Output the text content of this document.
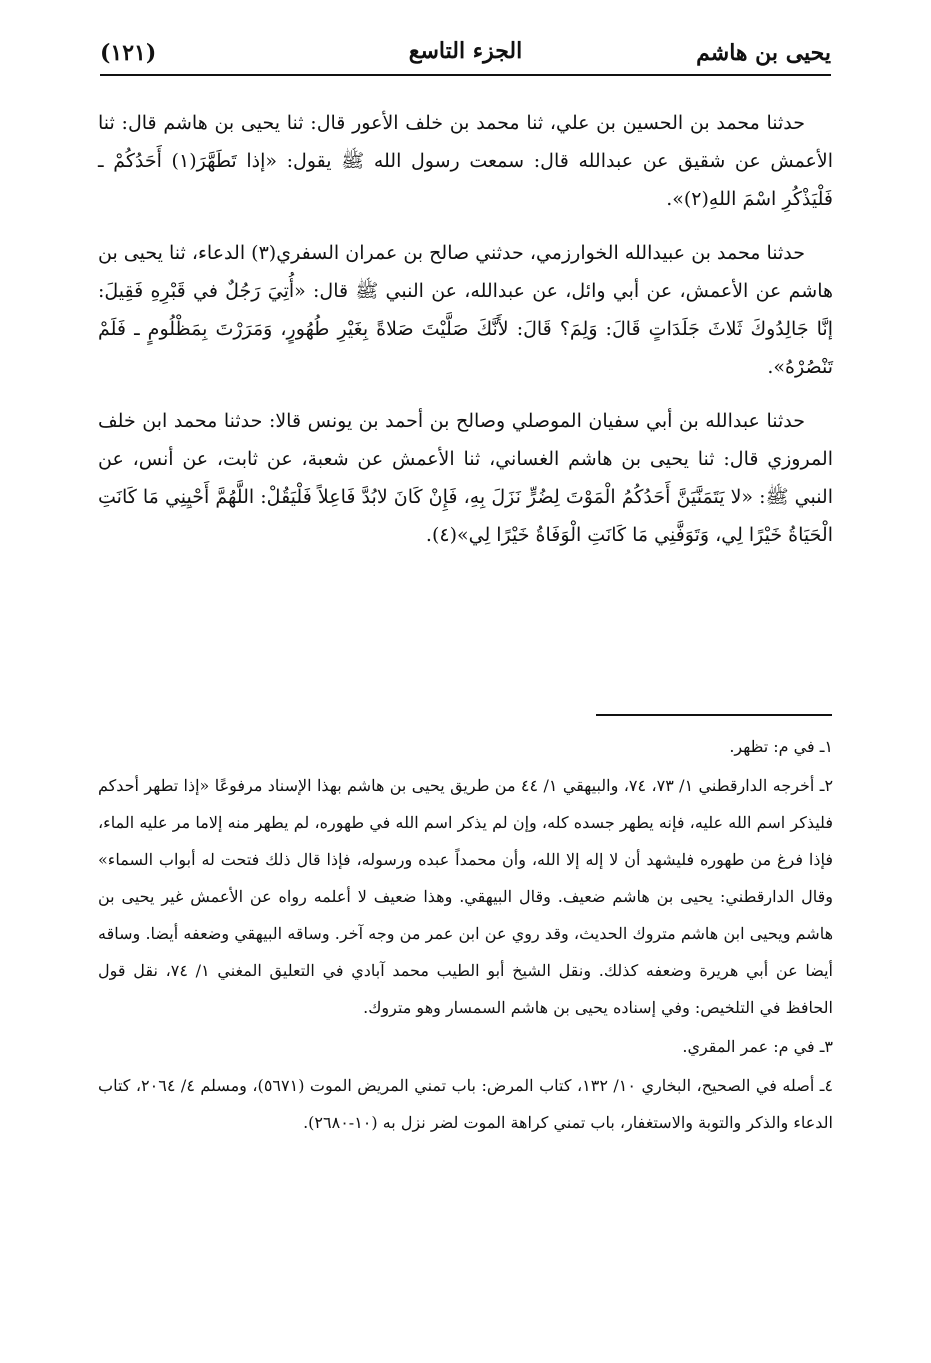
يحيى بن هاشم
الجزء التاسع
(١٢١)

حدثنا محمد بن الحسين بن علي، ثنا محمد بن خلف الأعور قال: ثنا يحيى بن هاشم قال: ثنا الأعمش عن شقيق عن عبدالله قال: سمعت رسول الله ﷺ يقول: «إذا تَطَهَّرَ(١) أَحَدُكُمْ ـ فَلْيَذْكُرِ اسْمَ اللهِ(٢)».

حدثنا محمد بن عبيدالله الخوارزمي، حدثني صالح بن عمران السفري(٣) الدعاء، ثنا يحيى بن هاشم عن الأعمش، عن أبي وائل، عن عبدالله، عن النبي ﷺ قال: «أُتِيَ رَجُلٌ في قَبْرِهِ فَقِيلَ: إنَّا جَالِدُوكَ ثَلاثَ جَلَدَاتٍ قَالَ: وَلِمَ؟ قَالَ: لأَنَّكَ صَلَّيْتَ صَلاةً بِغَيْرِ طُهُورٍ، وَمَرَرْتَ بِمَظْلُومٍ ـ فَلَمْ تَنْصُرْهُ».

حدثنا عبدالله بن أبي سفيان الموصلي وصالح بن أحمد بن يونس قالا: حدثنا محمد ابن خلف المروزي قال: ثنا يحيى بن هاشم الغساني، ثنا الأعمش عن شعبة، عن ثابت، عن أنس، عن النبي ﷺ: «لا يَتَمَنَّيَنَّ أَحَدُكُمُ الْمَوْتَ لِضُرٍّ نَزَلَ بِهِ، فَإِنْ كَانَ لابُدَّ فَاعِلاً فَلْيَقُلْ: اللَّهُمَّ أَحْيِنِي مَا كَانَتِ الْحَيَاةُ خَيْرًا لِي، وَتَوَفَّنِي مَا كَانَتِ الْوَفَاةُ خَيْرًا لِي»(٤).

١ـ في م: تظهر.

٢ـ أخرجه الدارقطني ١/ ٧٣، ٧٤، والبيهقي ١/ ٤٤ من طريق يحيى بن هاشم بهذا الإسناد مرفوعًا «إذا تطهر أحدكم فليذكر اسم الله عليه، فإنه يطهر جسده كله، وإن لم يذكر اسم الله في طهوره، لم يطهر منه إلاما مر عليه الماء، فإذا فرغ من طهوره فليشهد أن لا إله إلا الله، وأن محمداً عبده ورسوله، فإذا قال ذلك فتحت له أبواب السماء» وقال الدارقطني: يحيى بن هاشم ضعيف. وقال البيهقي. وهذا ضعيف لا أعلمه رواه عن الأعمش غير يحيى بن هاشم ويحيى ابن هاشم متروك الحديث، وقد روي عن ابن عمر من وجه آخر. وساقه البيهقي وضعفه أيضا. وساقه أيضا عن أبي هريرة وضعفه كذلك. ونقل الشيخ أبو الطيب محمد آبادي في التعليق المغني ١/ ٧٤، نقل قول الحافظ في التلخيص: وفي إسناده يحيى بن هاشم السمسار وهو متروك.

٣ـ في م: عمر المقري.

٤ـ أصله في الصحيح، البخاري ١٠/ ١٣٢، كتاب المرض: باب تمني المريض الموت (٥٦٧١)، ومسلم ٤/ ٢٠٦٤، كتاب الدعاء والذكر والتوبة والاستغفار، باب تمني كراهة الموت لضر نزل به (١٠-٢٦٨٠).
